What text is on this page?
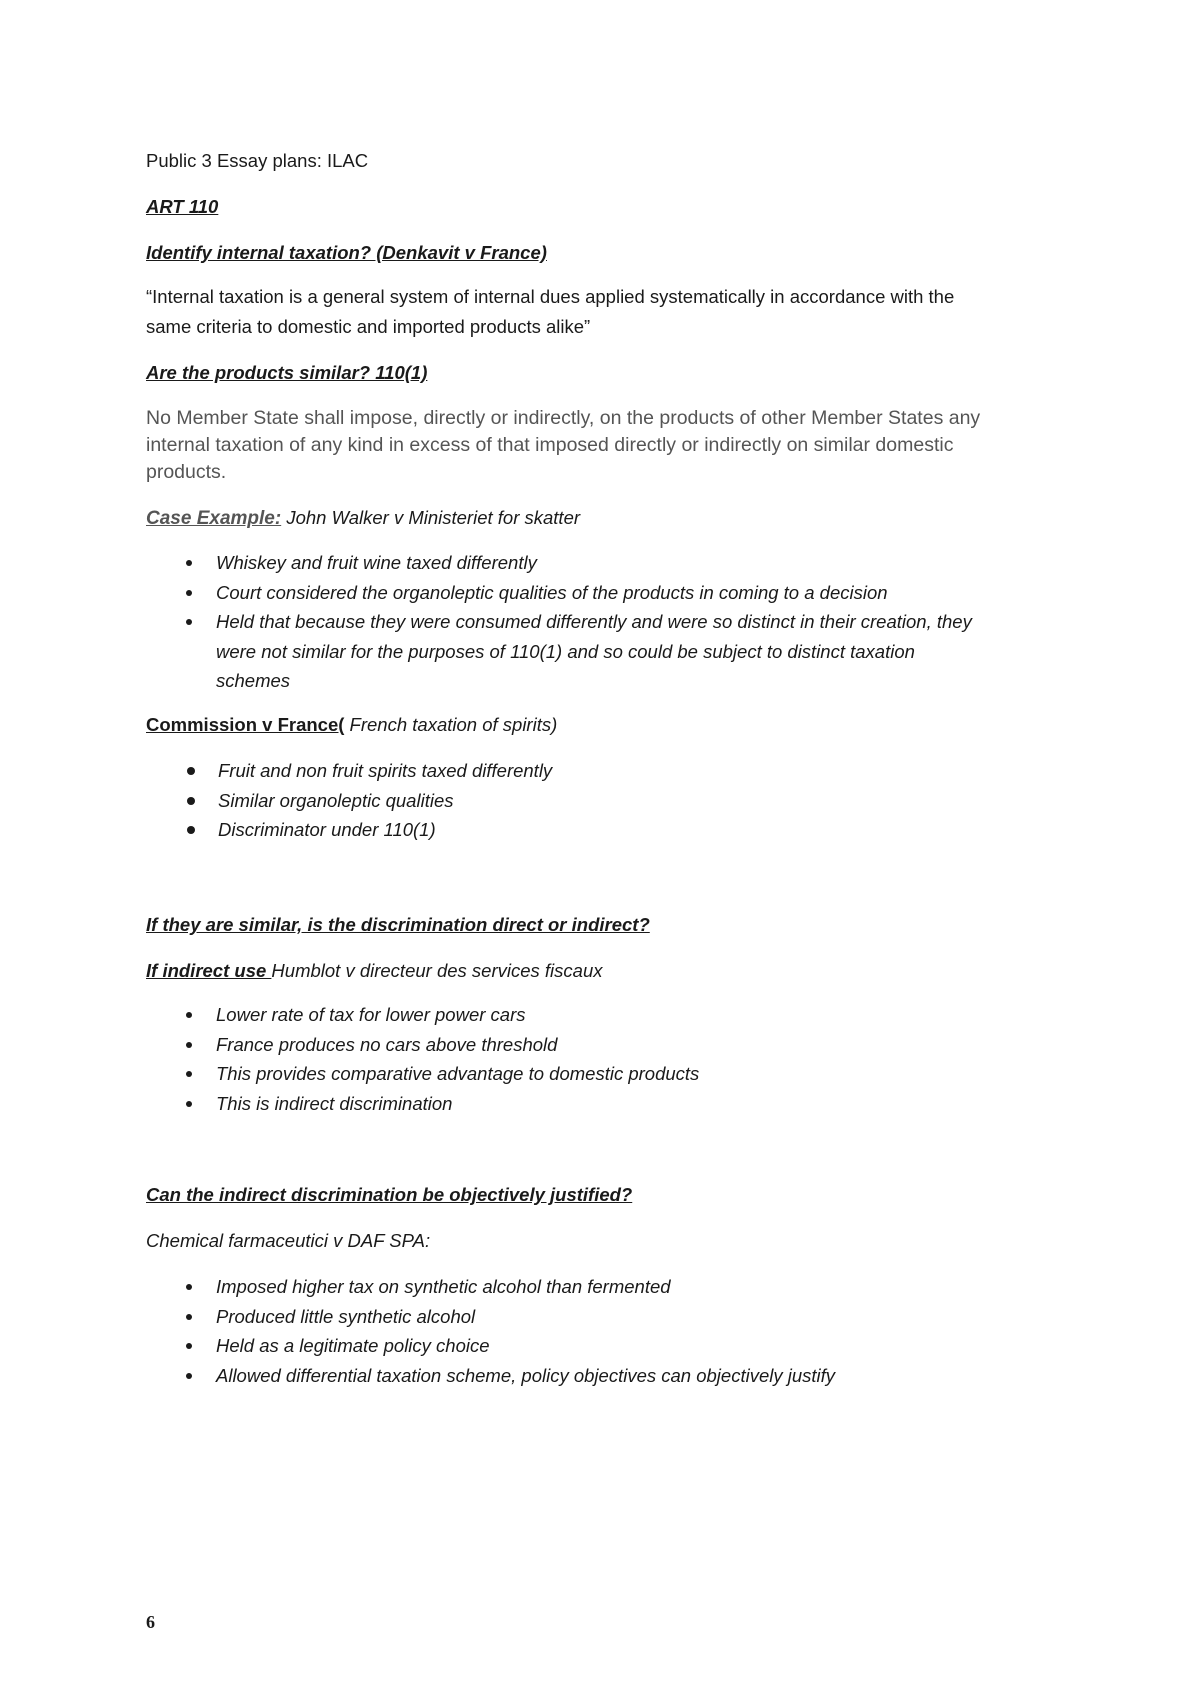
Public 3 Essay plans: ILAC

ART 110

Identify internal taxation? (Denkavit v France)

“Internal taxation is a general system of internal dues applied systematically in accordance with the

same criteria to domestic and imported products alike”

Are the products similar? 110(1)

No Member State shall impose, directly or indirectly, on the products of other Member States any

internal taxation of any kind in excess of that imposed directly or indirectly on similar domestic

products.

Case Example: John Walker v Ministeriet for skatter

Whiskey and fruit wine taxed differently
Court considered the organoleptic qualities of the products in coming to a decision
Held that because they were consumed differently and were so distinct in their creation, they
were not similar for the purposes of 110(1) and so could be subject to distinct taxation
schemes

Commission v France( French taxation of spirits)

Fruit and non fruit spirits taxed differently
Similar organoleptic qualities
Discriminator under 110(1)

If they are similar, is the discrimination direct or indirect?

If indirect use Humblot v directeur des services fiscaux

Lower rate of tax for lower power cars
France produces no cars above threshold
This provides comparative advantage to domestic products
This is indirect discrimination

Can the indirect discrimination be objectively justified?

Chemical farmaceutici v DAF SPA:

Imposed higher tax on synthetic alcohol than fermented
Produced little synthetic alcohol
Held as a legitimate policy choice
Allowed differential taxation scheme, policy objectives can objectively justify
6
